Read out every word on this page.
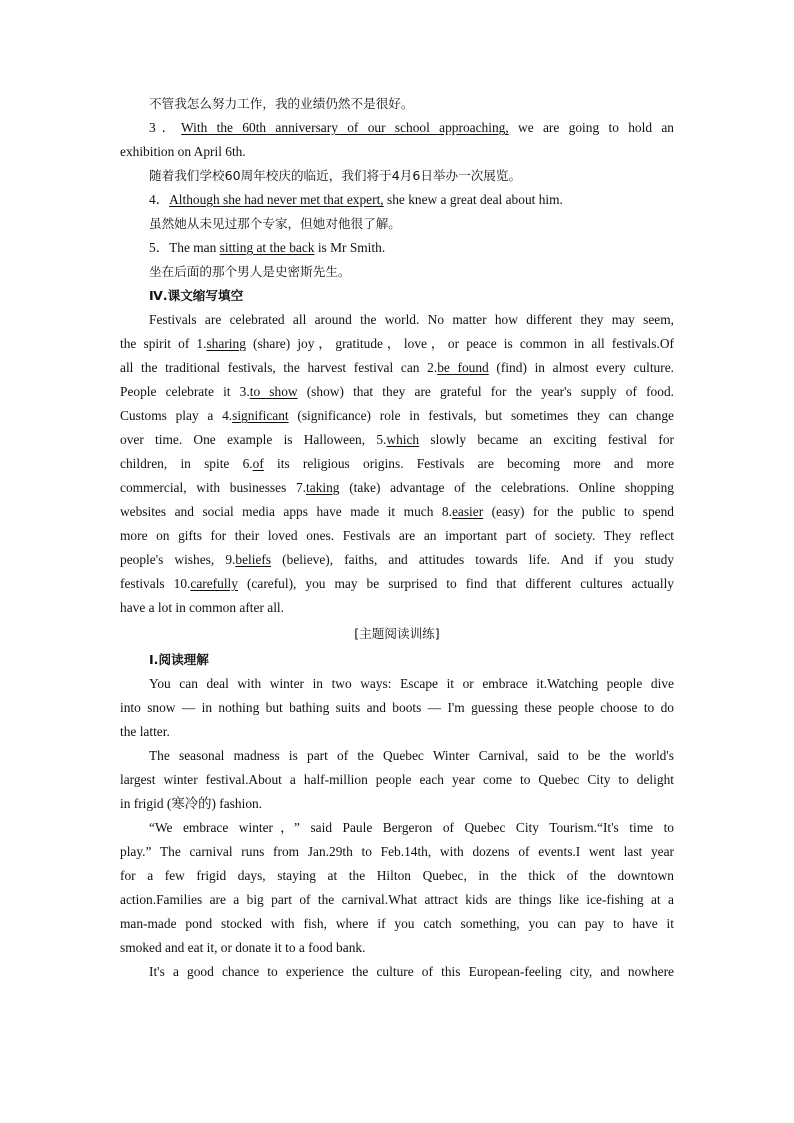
不管我怎么努力工作，我的业绩仍然不是很好。
3．With the 60th anniversary of our school approaching, we are going to hold an
exhibition on April 6th.
随着我们学校60周年校庆的临近，我们将于4月6日举办一次展览。
4．Although she had never met that expert, she knew a great deal about him.
虽然她从未见过那个专家，但她对他很了解。
5．The man sitting at the back is Mr Smith.
坐在后面的那个男人是史密斯先生。
Ⅳ.课文缩写填空
Festivals are celebrated all around the world. No matter how different they may seem,
the spirit of 1.sharing (share) joy，gratitude，love，or peace is common in all festivals.Of
all the traditional festivals, the harvest festival can 2.be found (find) in almost every culture.
People celebrate it 3.to show (show) that they are grateful for the year's supply of food.
Customs play a 4.significant (significance) role in festivals, but sometimes they can change
over time. One example is Halloween, 5.which slowly became an exciting festival for
children, in spite 6.of its religious origins. Festivals are becoming more and more
commercial, with businesses 7.taking (take) advantage of the celebrations. Online shopping
websites and social media apps have made it much 8.easier (easy) for the public to spend
more on gifts for their loved ones. Festivals are an important part of society. They reflect
people's wishes, 9.beliefs (believe), faiths, and attitudes towards life. And if you study
festivals 10.carefully (careful), you may be surprised to find that different cultures actually
have a lot in common after all.
[主题阅读训练]
Ⅰ.阅读理解
You can deal with winter in two ways: Escape it or embrace it.Watching people dive
into snow — in nothing but bathing suits and boots — I'm guessing these people choose to do
the latter.
The seasonal madness is part of the Quebec Winter Carnival, said to be the world's
largest winter festival.About a half-million people each year come to Quebec City to delight
in frigid (寒冷的) fashion.
“We embrace winter，” said Paule Bergeron of Quebec City Tourism.“It's time to
play.” The carnival runs from Jan.29th to Feb.14th, with dozens of events.I went last year
for a few frigid days, staying at the Hilton Quebec, in the thick of the downtown
action.Families are a big part of the carnival.What attract kids are things like ice-fishing at a
man-made pond stocked with fish, where if you catch something, you can pay to have it
smoked and eat it, or donate it to a food bank.
It's a good chance to experience the culture of this European-feeling city, and nowhere
